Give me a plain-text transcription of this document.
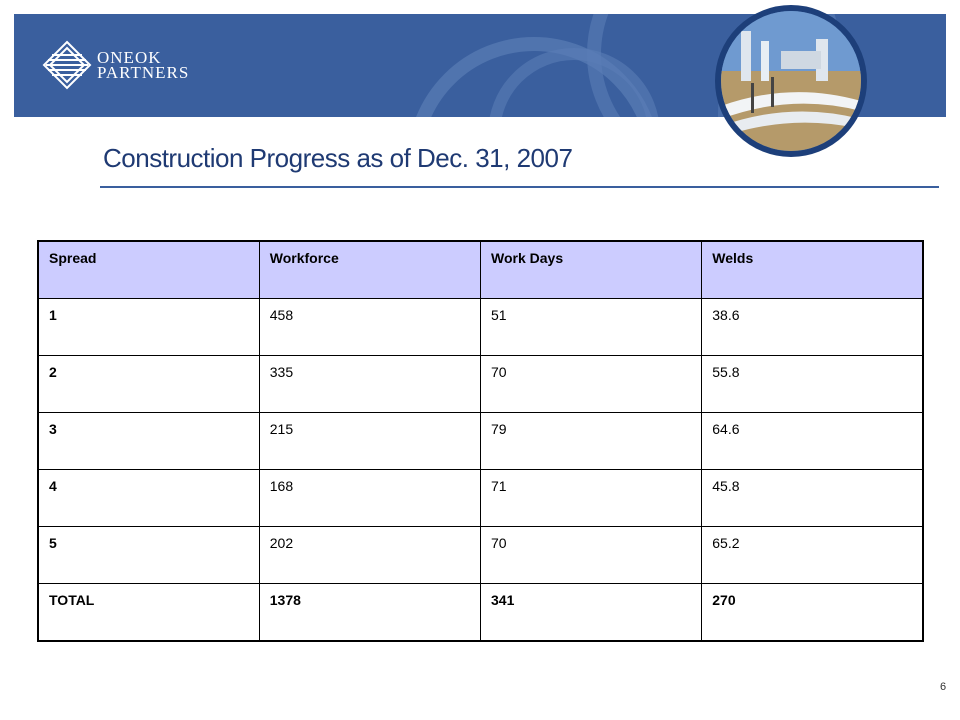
ONEOK
PARTNERS
Construction Progress as of Dec. 31, 2007
Spread	Workforce	Work Days	Welds
1	458	51	38.6
2	335	70	55.8
3	215	79	64.6
4	168	71	45.8
5	202	70	65.2
TOTAL	1378	341	270
6
